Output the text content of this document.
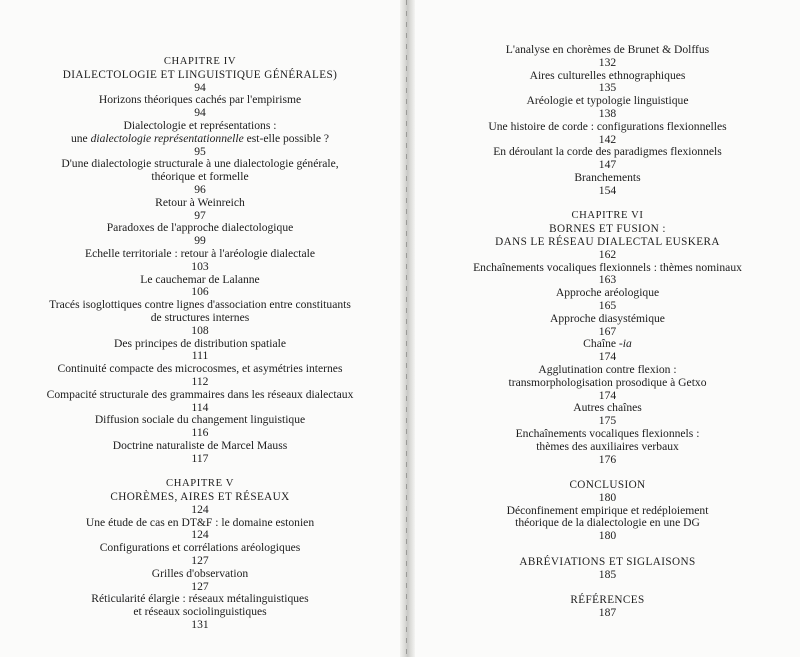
CHAPITRE IV
DIALECTOLOGIE ET LINGUISTIQUE GÉNÉRALES)
94
Horizons théoriques cachés par l'empirisme
94
Dialectologie et représentations :
une dialectologie représentationnelle est-elle possible ?
95
D'une dialectologie structurale à une dialectologie générale,
théorique et formelle
96
Retour à Weinreich
97
Paradoxes de l'approche dialectologique
99
Echelle territoriale : retour à l'aréologie dialectale
103
Le cauchemar de Lalanne
106
Tracés isoglottiques contre lignes d'association entre constituants
de structures internes
108
Des principes de distribution spatiale
111
Continuité compacte des microcosmes, et asymétries internes
112
Compacité structurale des grammaires dans les réseaux dialectaux
114
Diffusion sociale du changement linguistique
116
Doctrine naturaliste de Marcel Mauss
117
CHAPITRE V
CHORÈMES, AIRES ET RÉSEAUX
124
Une étude de cas en DT&F : le domaine estonien
124
Configurations et corrélations aréologiques
127
Grilles d'observation
127
Réticularité élargie : réseaux métalinguistiques
et réseaux sociolinguistiques
131
L'analyse en chorèmes de Brunet & Dolffus
132
Aires culturelles ethnographiques
135
Aréologie et typologie linguistique
138
Une histoire de corde : configurations flexionnelles
142
En déroulant la corde des paradigmes flexionnels
147
Branchements
154
CHAPITRE VI
BORNES ET FUSION :
DANS LE RÉSEAU DIALECTAL EUSKERA
162
Enchaînements vocaliques flexionnels : thèmes nominaux
163
Approche aréologique
165
Approche diasystémique
167
Chaîne -ia
174
Agglutination contre flexion :
transmorphologisation prosodique à Getxo
174
Autres chaînes
175
Enchaînements vocaliques flexionnels :
thèmes des auxiliaires verbaux
176
CONCLUSION
180
Déconfinement empirique et redéploiement
théorique de la dialectologie en une DG
180
ABRÉVIATIONS ET SIGLAISONS
185
RÉFÉRENCES
187
